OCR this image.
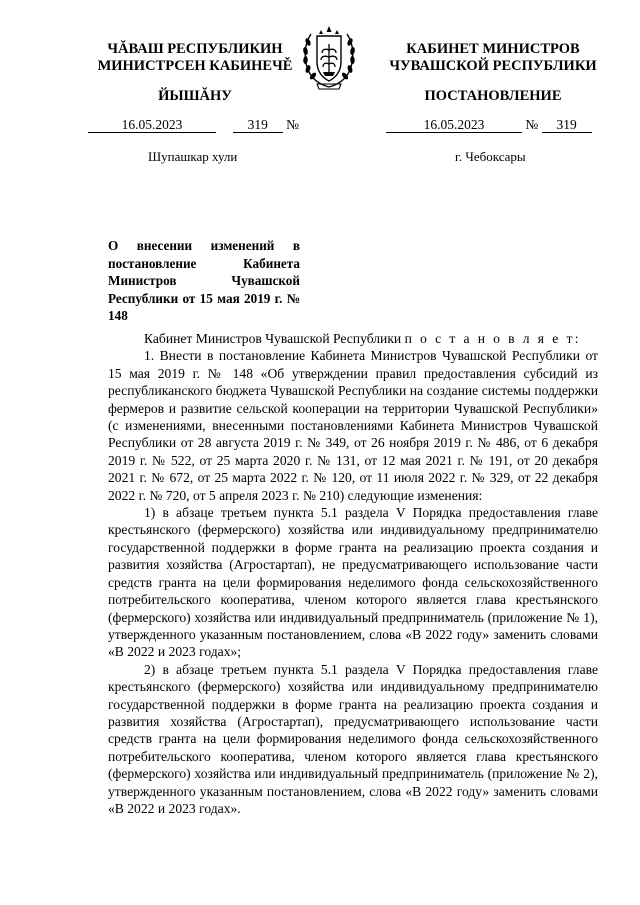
ЧĂВАШ РЕСПУБЛИКИН
МИНИСТРСЕН КАБИНЕЧĚ
ЙЫШĂНУ
КАБИНЕТ МИНИСТРОВ
ЧУВАШСКОЙ РЕСПУБЛИКИ
ПОСТАНОВЛЕНИЕ
16.05.2023	319 №	16.05.2023	№ 319
Шупашкар хули	г. Чебоксары
О внесении изменений в постановление Кабинета Министров Чувашской Республики от 15 мая 2019 г. № 148

Кабинет Министров Чувашской Республики п о с т а н о в л я е т:

1. Внести в постановление Кабинета Министров Чувашской Республики от 15 мая 2019 г. № 148 «Об утверждении правил предоставления субсидий из республиканского бюджета Чувашской Республики на создание системы поддержки фермеров и развитие сельской кооперации на территории Чувашской Республики» (с изменениями, внесенными постановлениями Кабинета Министров Чувашской Республики от 28 августа 2019 г. № 349, от 26 ноября 2019 г. № 486, от 6 декабря 2019 г. № 522, от 25 марта 2020 г. № 131, от 12 мая 2021 г. № 191, от 20 декабря 2021 г. № 672, от 25 марта 2022 г. № 120, от 11 июля 2022 г. № 329, от 22 декабря 2022 г. № 720, от 5 апреля 2023 г. № 210) следующие изменения:

1) в абзаце третьем пункта 5.1 раздела V Порядка предоставления главе крестьянского (фермерского) хозяйства или индивидуальному предпринимателю государственной поддержки в форме гранта на реализацию проекта создания и развития хозяйства (Агростартап), не предусматривающего использование части средств гранта на цели формирования неделимого фонда сельскохозяйственного потребительского кооператива, членом которого является глава крестьянского (фермерского) хозяйства или индивидуальный предприниматель (приложение № 1), утвержденного указанным постановлением, слова «В 2022 году» заменить словами «В 2022 и 2023 годах»;

2) в абзаце третьем пункта 5.1 раздела V Порядка предоставления главе крестьянского (фермерского) хозяйства или индивидуальному предпринимателю государственной поддержки в форме гранта на реализацию проекта создания и развития хозяйства (Агростартап), предусматривающего использование части средств гранта на цели формирования неделимого фонда сельскохозяйственного потребительского кооператива, членом которого является глава крестьянского (фермерского) хозяйства или индивидуальный предприниматель (приложение № 2), утвержденного указанным постановлением, слова «В 2022 году» заменить словами «В 2022 и 2023 годах».
